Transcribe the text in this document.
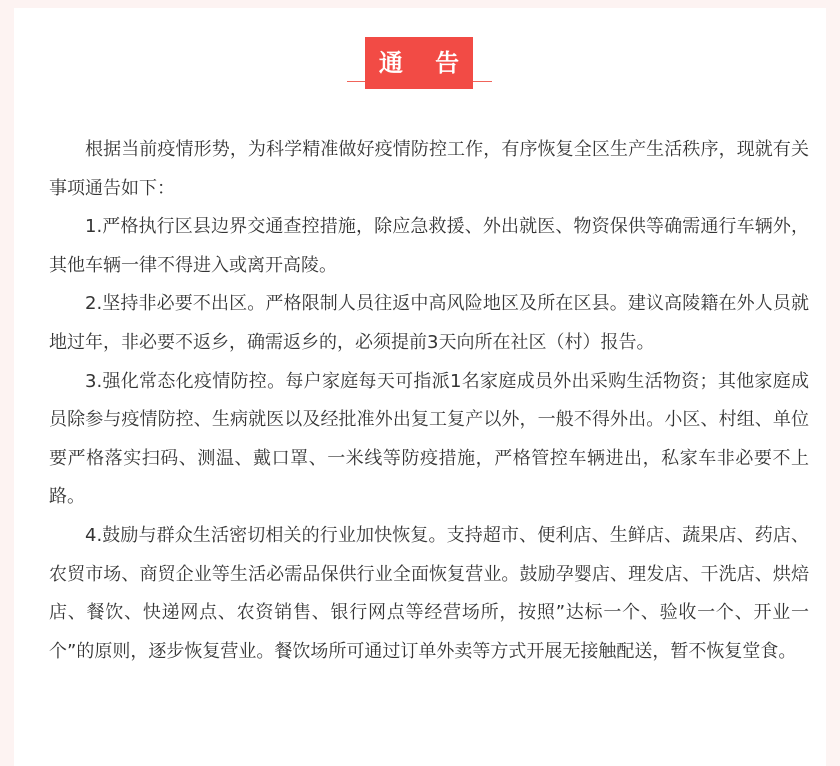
通 告

根据当前疫情形势，为科学精准做好疫情防控工作，有序恢复全区生产生活秩序，现就有关事项通告如下：

1.严格执行区县边界交通查控措施，除应急救援、外出就医、物资保供等确需通行车辆外，其他车辆一律不得进入或离开高陵。

2.坚持非必要不出区。严格限制人员往返中高风险地区及所在区县。建议高陵籍在外人员就地过年，非必要不返乡，确需返乡的，必须提前3天向所在社区（村）报告。

3.强化常态化疫情防控。每户家庭每天可指派1名家庭成员外出采购生活物资；其他家庭成员除参与疫情防控、生病就医以及经批准外出复工复产以外，一般不得外出。小区、村组、单位要严格落实扫码、测温、戴口罩、一米线等防疫措施，严格管控车辆进出，私家车非必要不上路。

4.鼓励与群众生活密切相关的行业加快恢复。支持超市、便利店、生鲜店、蔬果店、药店、农贸市场、商贸企业等生活必需品保供行业全面恢复营业。鼓励孕婴店、理发店、干洗店、烘焙店、餐饮、快递网点、农资销售、银行网点等经营场所，按照”达标一个、验收一个、开业一个”的原则，逐步恢复营业。餐饮场所可通过订单外卖等方式开展无接触配送，暂不恢复堂食。
